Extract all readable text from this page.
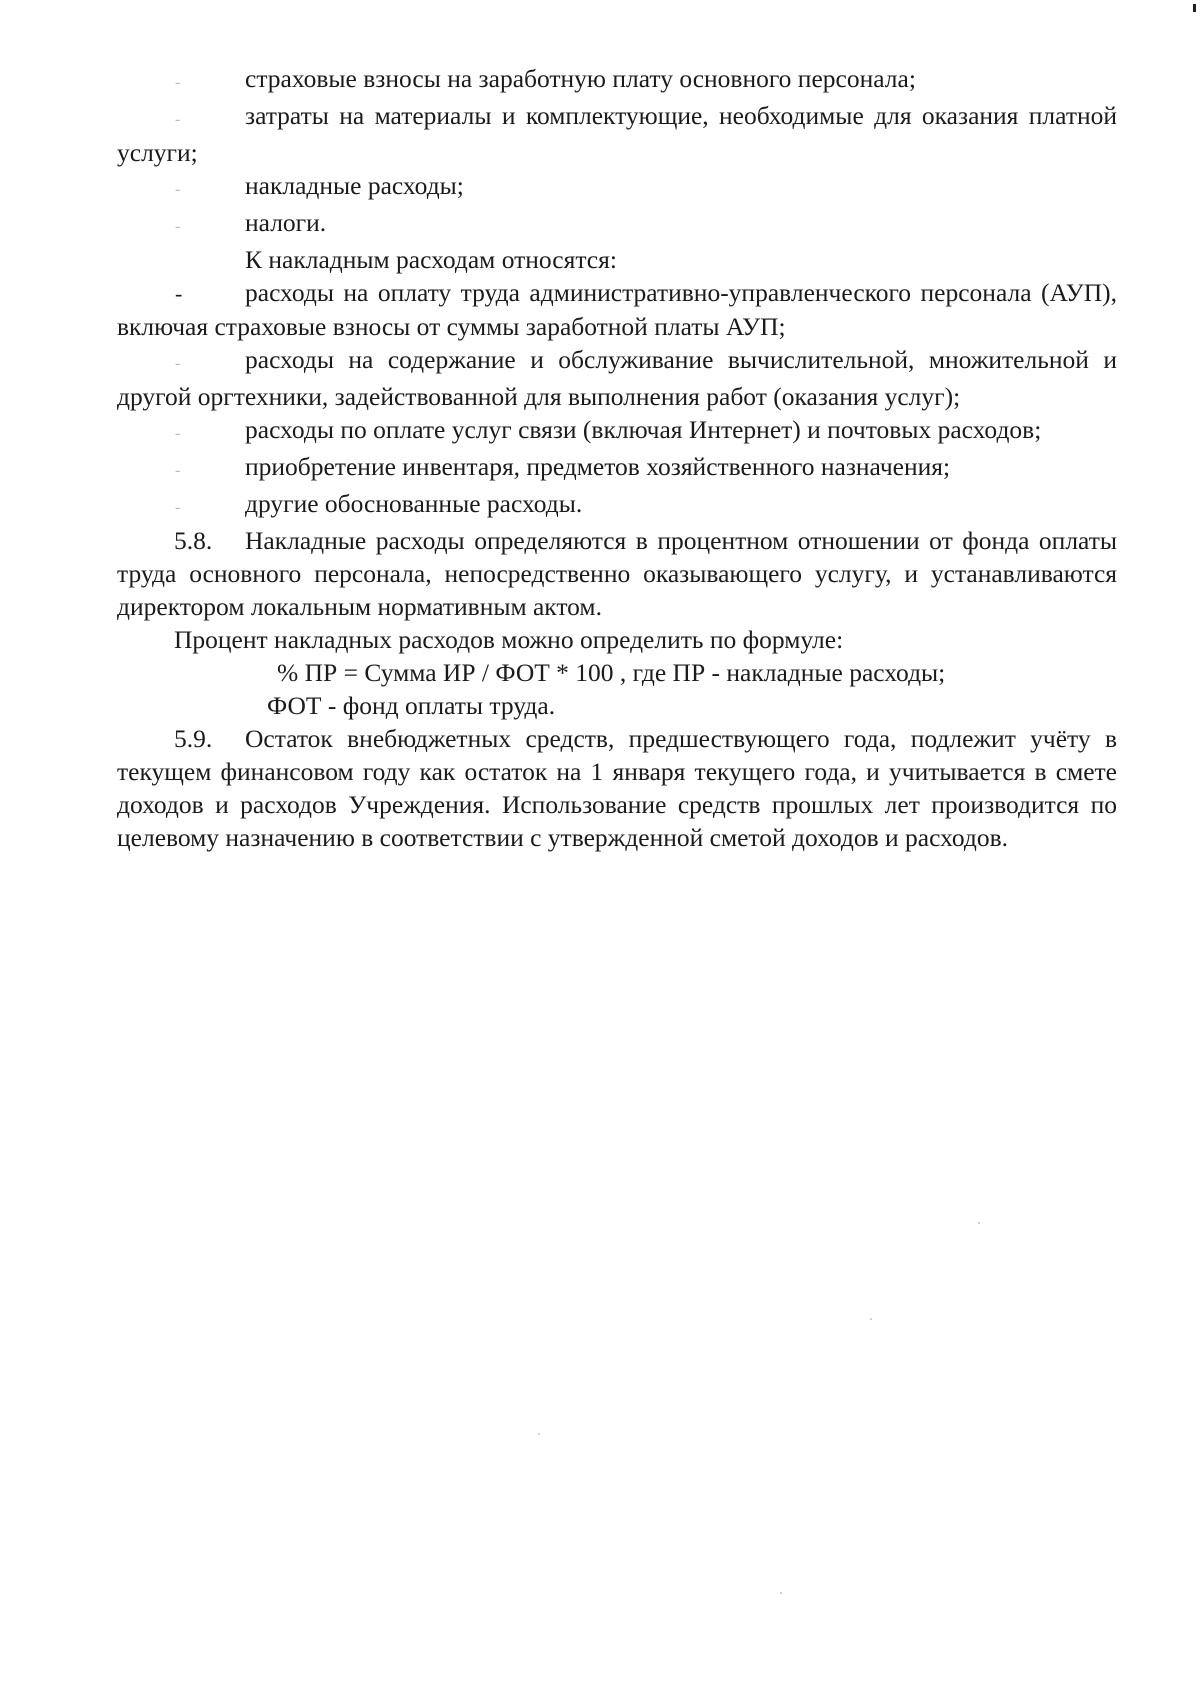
-	страховые взносы на заработную плату основного персонала;

-	затраты на материалы и комплектующие, необходимые для оказания платной услуги;

-	накладные расходы;
-	налоги.

К накладным расходам относятся:

- расходы на оплату труда административно-управленческого персонала (АУП), включая страховые взносы от суммы заработной платы АУП;

-	расходы на содержание и обслуживание вычислительной, множительной и другой оргтехники, задействованной для выполнения работ (оказания услуг);

-	расходы по оплате услуг связи (включая Интернет) и почтовых расходов;

-	приобретение инвентаря, предметов хозяйственного назначения;
-	другие обоснованные расходы.

5.8. Накладные расходы определяются в процентном отношении от фонда оплаты труда основного персонала, непосредственно оказывающего услугу, и устанавливаются директором локальным нормативным актом.

Процент накладных расходов можно определить по формуле:

% ПР = Сумма ИР / ФОТ * 100 , где ПР - накладные расходы;

ФОТ - фонд оплаты труда.

5.9. Остаток внебюджетных средств, предшествующего года, подлежит учёту в текущем финансовом году как остаток на 1 января текущего года, и учитывается в смете доходов и расходов Учреждения. Использование средств прошлых лет производится по целевому назначению в соответствии с утвержденной сметой доходов и расходов.
